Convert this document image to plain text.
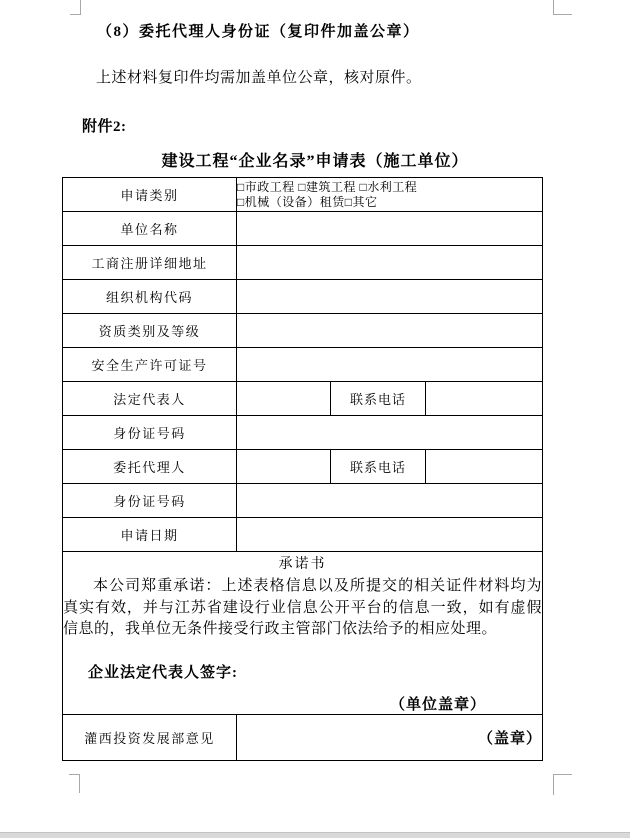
（8）委托代理人身份证（复印件加盖公章）
上述材料复印件均需加盖单位公章，核对原件。
附件2:
建设工程“企业名录”申请表（施工单位）
申请类别	□市政工程 □建筑工程 □水利工程
□机械（设备）租赁□其它		

单位名称			
工商注册详细地址			
组织机构代码			
资质类别及等级			
安全生产许可证号			
法定代表人		联系电话	
身份证号码			
委托代理人		联系电话	
身份证号码			
申请日期			

承诺书
本公司郑重承诺：上述表格信息以及所提交的相关证件材料均为真实有效，并与江苏省建设行业信息公开平台的信息一致，如有虚假信息的，我单位无条件接受行政主管部门依法给予的相应处理。
企业法定代表人签字:
（单位盖章）			

灌西投资发展部意见	（盖章）		
